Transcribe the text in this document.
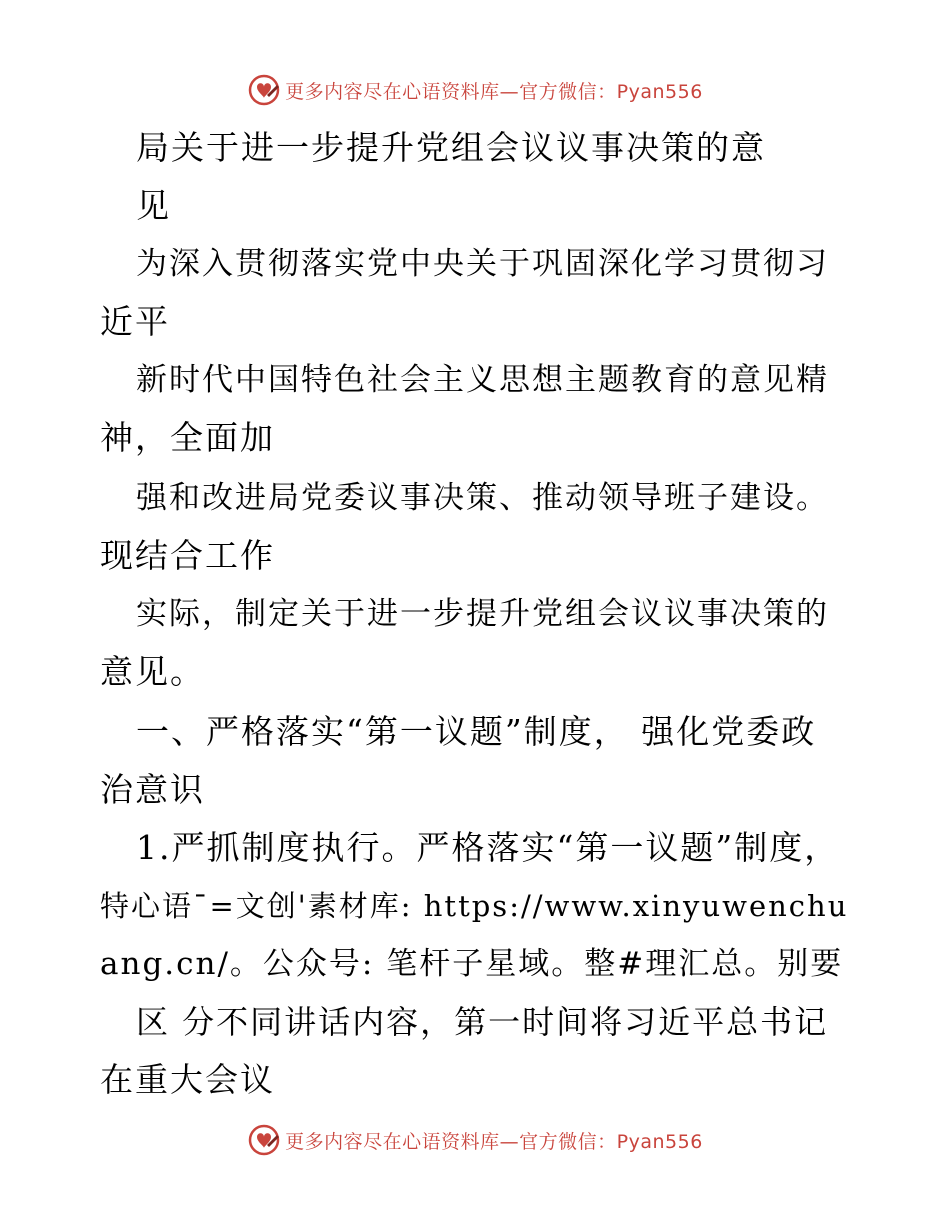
更多内容尽在心语资料库—官方微信：Pyan556
局关于进一步提升党组会议议事决策的意
见
为深入贯彻落实党中央关于巩固深化学习贯彻习
近平
新时代中国特色社会主义思想主题教育的意见精
神，全面加
强和改进局党委议事决策、推动领导班子建设。
现结合工作
实际，制定关于进一步提升党组会议议事决策的
意见。
一、严格落实“第一议题”制度， 强化党委政
治意识
1.严抓制度执行。严格落实“第一议题”制度，
特心语¯=文创'素材库: https://www.xinyuwenchu
ang.cn/。公众号: 笔杆子星域。整#理汇总。别要
区 分不同讲话内容，第一时间将习近平总书记
在重大会议
更多内容尽在心语资料库—官方微信：Pyan556
